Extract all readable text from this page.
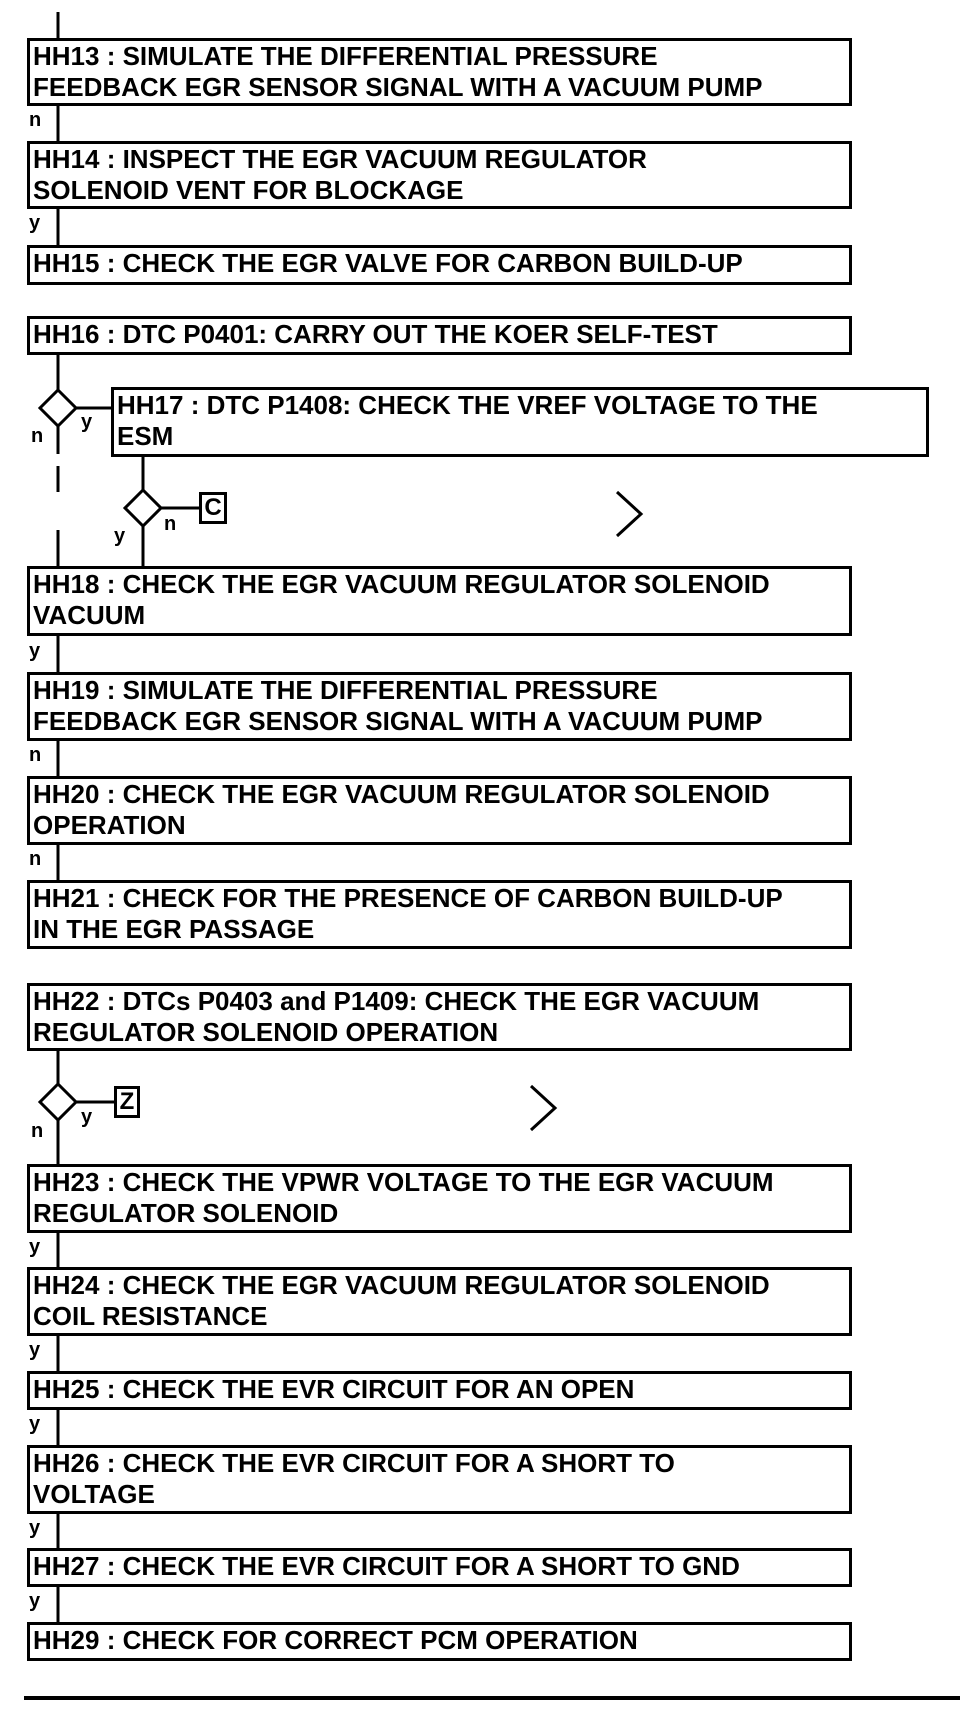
HH13 : SIMULATE THE DIFFERENTIAL PRESSURE
FEEDBACK EGR SENSOR SIGNAL WITH A VACUUM PUMP
HH14 : INSPECT THE EGR VACUUM REGULATOR
SOLENOID VENT FOR BLOCKAGE
HH15 : CHECK THE EGR VALVE FOR CARBON BUILD-UP
HH16 : DTC P0401: CARRY OUT THE KOER SELF-TEST
HH17 : DTC P1408: CHECK THE VREF VOLTAGE TO THE
ESM
HH18 : CHECK THE EGR VACUUM REGULATOR SOLENOID
VACUUM
HH19 : SIMULATE THE DIFFERENTIAL PRESSURE
FEEDBACK EGR SENSOR SIGNAL WITH A VACUUM PUMP
HH20 : CHECK THE EGR VACUUM REGULATOR SOLENOID
OPERATION
HH21 : CHECK FOR THE PRESENCE OF CARBON BUILD-UP
IN THE EGR PASSAGE
HH22 : DTCs P0403 and P1409: CHECK THE EGR VACUUM
REGULATOR SOLENOID OPERATION
HH23 : CHECK THE VPWR VOLTAGE TO THE EGR VACUUM
REGULATOR SOLENOID
HH24 : CHECK THE EGR VACUUM REGULATOR SOLENOID
COIL RESISTANCE
HH25 : CHECK THE EVR CIRCUIT FOR AN OPEN
HH26 : CHECK THE EVR CIRCUIT FOR A SHORT TO
VOLTAGE
HH27 : CHECK THE EVR CIRCUIT FOR A SHORT TO GND
HH29 : CHECK FOR CORRECT PCM OPERATION
C
Z
n
y
n
y
y
n
y
n
n
n
y
y
y
y
y
y
